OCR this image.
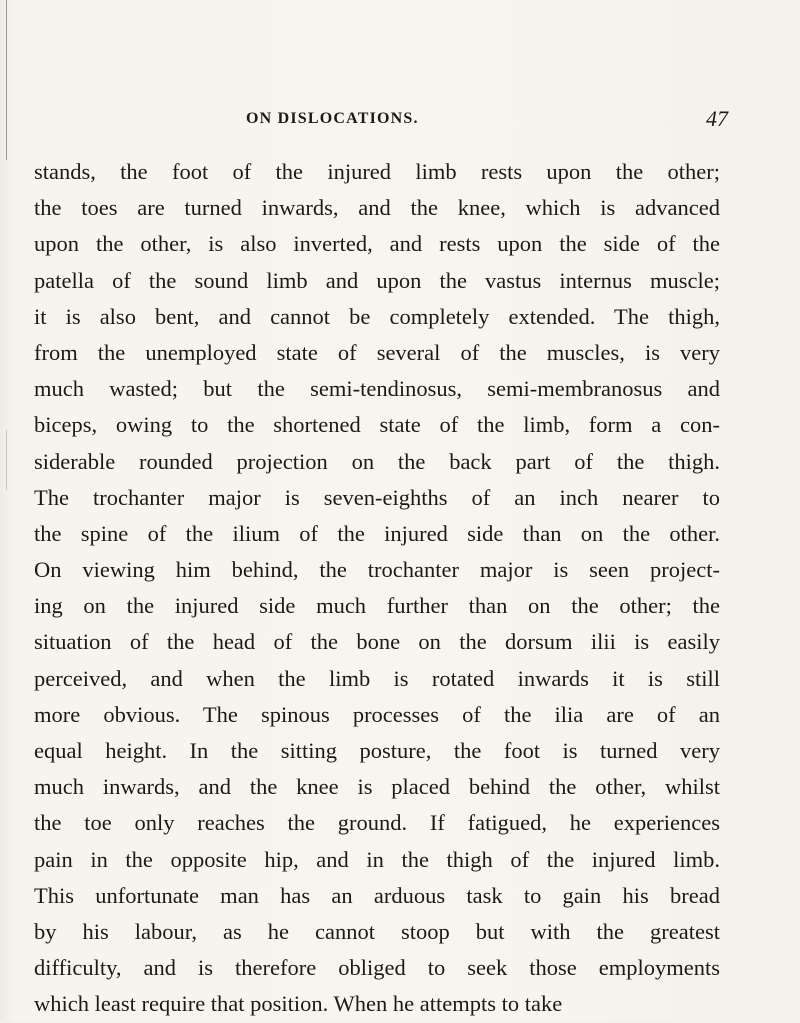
ON DISLOCATIONS.	47
stands, the foot of the injured limb rests upon the other;
the toes are turned inwards, and the knee, which is advanced
upon the other, is also inverted, and rests upon the side of the
patella of the sound limb and upon the vastus internus muscle;
it is also bent, and cannot be completely extended. The thigh,
from the unemployed state of several of the muscles, is very
much wasted; but the semi-tendinosus, semi-membranosus and
biceps, owing to the shortened state of the limb, form a con-
siderable rounded projection on the back part of the thigh.
The trochanter major is seven-eighths of an inch nearer to
the spine of the ilium of the injured side than on the other.
On viewing him behind, the trochanter major is seen project-
ing on the injured side much further than on the other; the
situation of the head of the bone on the dorsum ilii is easily
perceived, and when the limb is rotated inwards it is still
more obvious. The spinous processes of the ilia are of an
equal height. In the sitting posture, the foot is turned very
much inwards, and the knee is placed behind the other, whilst
the toe only reaches the ground. If fatigued, he experiences
pain in the opposite hip, and in the thigh of the injured limb.
This unfortunate man has an arduous task to gain his bread
by his labour, as he cannot stoop but with the greatest
difficulty, and is therefore obliged to seek those employments
which least require that position. When he attempts to take
